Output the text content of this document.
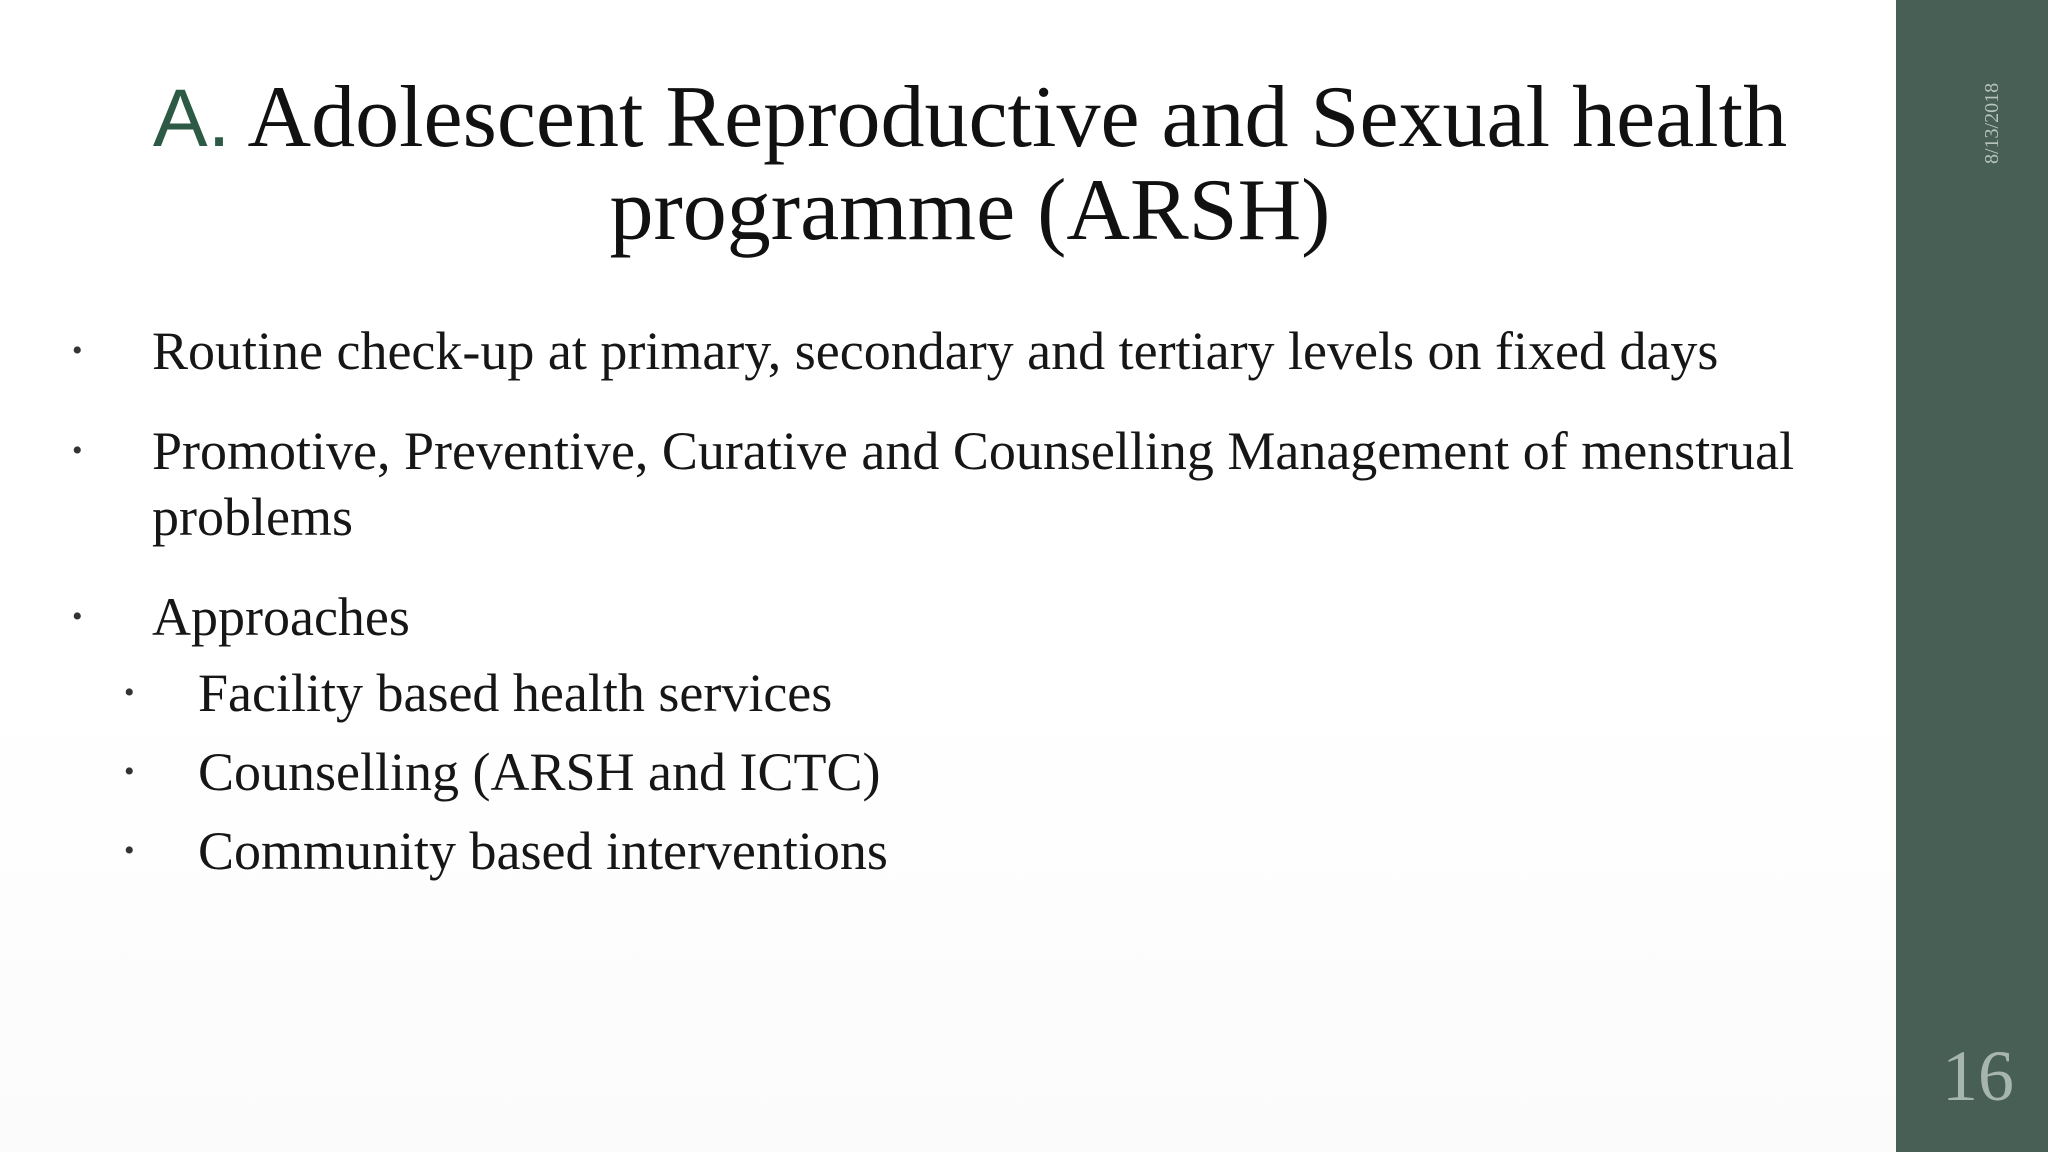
A. Adolescent Reproductive and Sexual health programme (ARSH)
• Routine check-up at primary, secondary and tertiary levels on fixed days
• Promotive, Preventive, Curative and Counselling Management of menstrual problems
• Approaches
• Facility based health services
• Counselling (ARSH and ICTC)
• Community based interventions
8/13/2018
16
